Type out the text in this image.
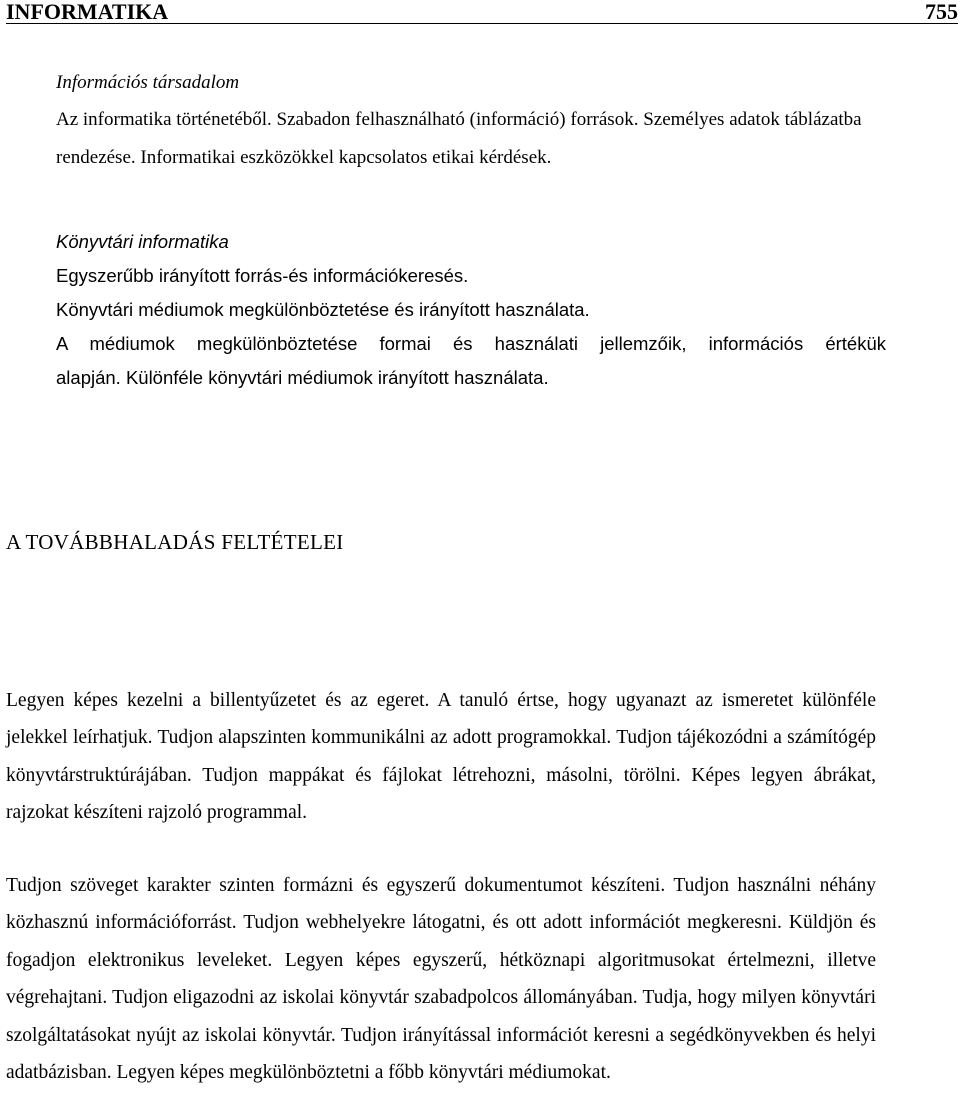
INFORMATIKA	755

Információs társadalom

Az informatika történetéből. Szabadon felhasználható (információ) források. Személyes adatok táblázatba rendezése. Informatikai eszközökkel kapcsolatos etikai kérdések.

Könyvtári informatika
Egyszerűbb irányított forrás-és információkeresés.
Könyvtári médiumok megkülönböztetése és irányított használata.
A médiumok megkülönböztetése formai és használati jellemzőik, információs értékük
alapján. Különféle könyvtári médiumok irányított használata.
A TOVÁBBHALADÁS FELTÉTELEI

Legyen képes kezelni a billentyűzetet és az egeret. A tanuló értse, hogy ugyanazt az ismeretet különféle jelekkel leírhatjuk. Tudjon alapszinten kommunikálni az adott programokkal. Tudjon tájékozódni a számítógép könyvtárstruktúrájában. Tudjon mappákat és fájlokat létrehozni, másolni, törölni. Képes legyen ábrákat, rajzokat készíteni rajzoló programmal.

Tudjon szöveget karakter szinten formázni és egyszerű dokumentumot készíteni. Tudjon használni néhány közhasznú információforrást. Tudjon webhelyekre látogatni, és ott adott információt megkeresni. Küldjön és fogadjon elektronikus leveleket. Legyen képes egyszerű, hétköznapi algoritmusokat értelmezni, illetve végrehajtani. Tudjon eligazodni az iskolai könyvtár szabadpolcos állományában. Tudja, hogy milyen könyvtári szolgáltatásokat nyújt az iskolai könyvtár. Tudjon irányítással információt keresni a segédkönyvekben és helyi adatbázisban. Legyen képes megkülönböztetni a főbb könyvtári médiumokat.
